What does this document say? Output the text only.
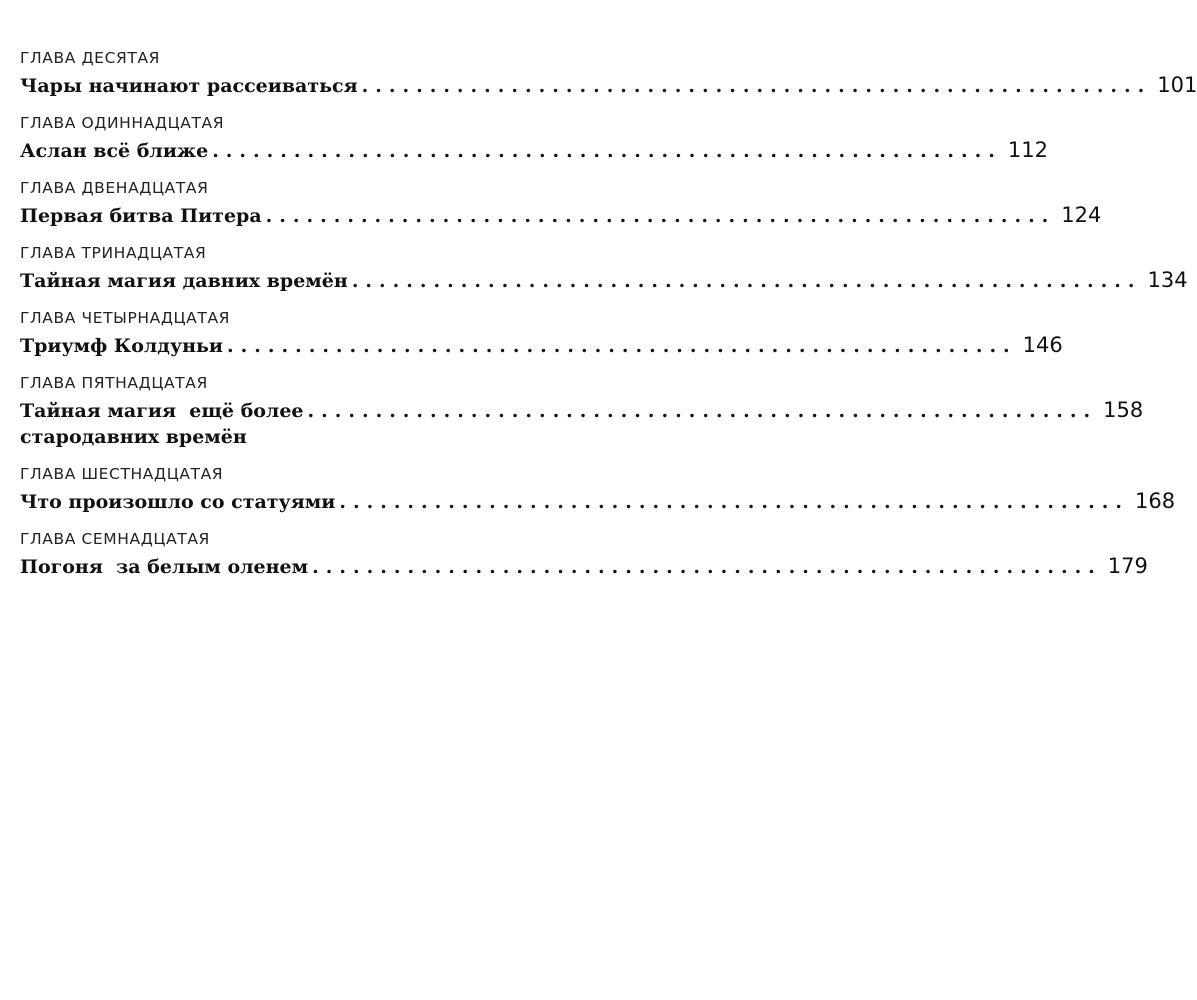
ГЛАВА ДЕСЯТАЯ
Чары начинают рассеиваться .......................................................... 101
ГЛАВА ОДИННАДЦАТАЯ
Аслан всё ближе .......................................................... 112
ГЛАВА ДВЕНАДЦАТАЯ
Первая битва Питера .......................................................... 124
ГЛАВА ТРИНАДЦАТАЯ
Тайная магия давних времён .......................................................... 134
ГЛАВА ЧЕТЫРНАДЦАТАЯ
Триумф Колдуньи .......................................................... 146
ГЛАВА ПЯТНАДЦАТАЯ
Тайная магия  ещё более
стародавних времён
.......................................................... 158
ГЛАВА ШЕСТНАДЦАТАЯ
Что произошло со статуями .......................................................... 168
ГЛАВА СЕМНАДЦАТАЯ
Погоня  за белым оленем .......................................................... 179
